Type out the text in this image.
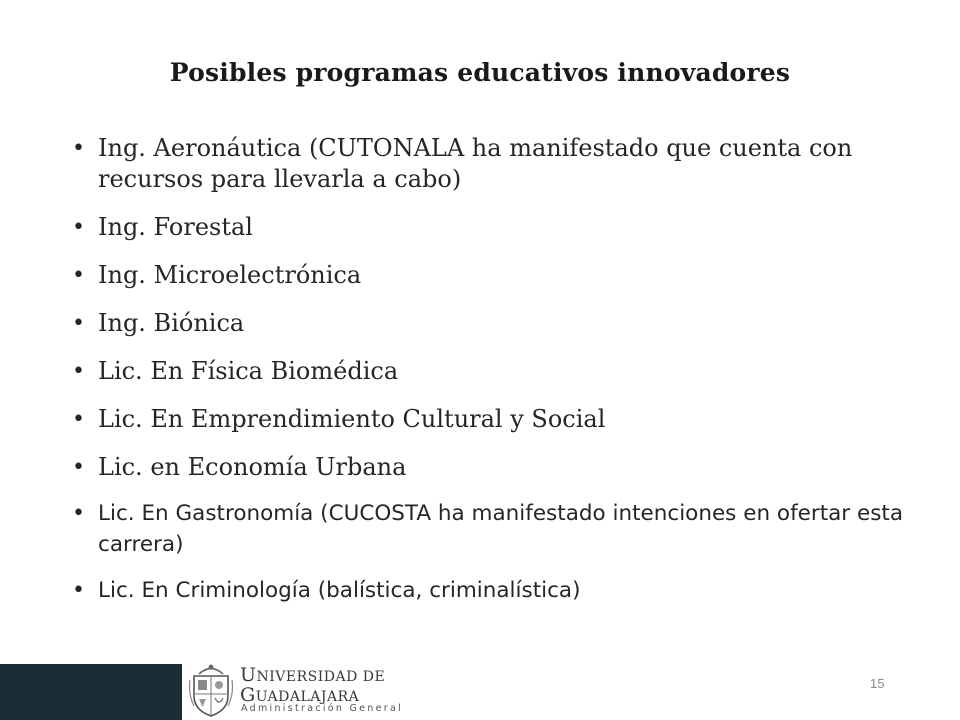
Posibles programas educativos innovadores
• Ing. Aeronáutica (CUTONALA ha manifestado que cuenta con recursos para llevarla a cabo)
• Ing. Forestal
• Ing. Microelectrónica
• Ing. Biónica
• Lic. En Física Biomédica
• Lic. En Emprendimiento Cultural y Social
• Lic. en Economía Urbana
• Lic. En Gastronomía (CUCOSTA ha manifestado intenciones en ofertar esta carrera)
• Lic. En Criminología (balística, criminalística)
UNIVERSIDAD DE
GUADALAJARA
Administración General
15
